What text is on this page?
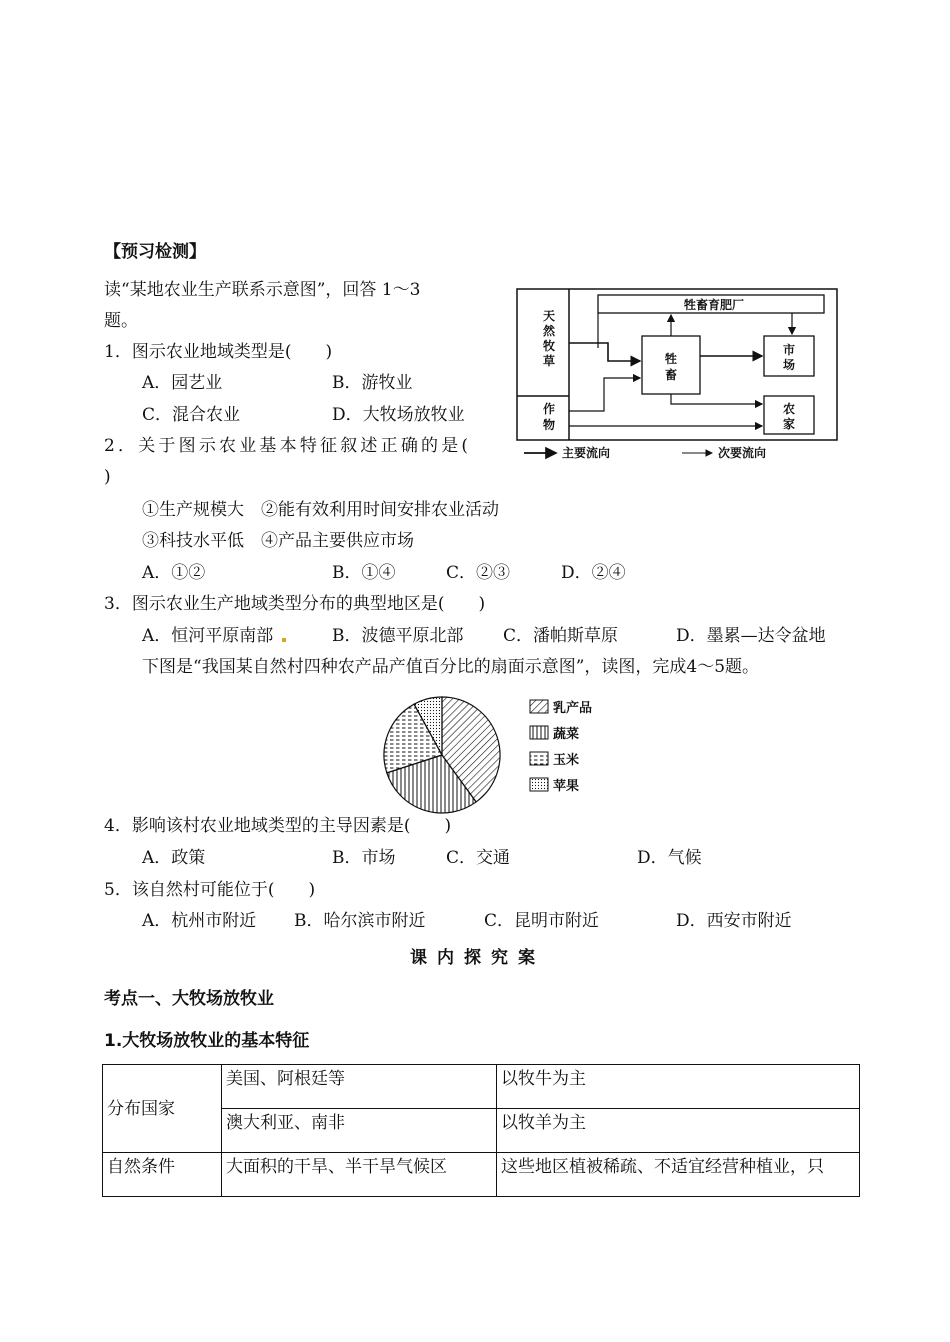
【预习检测】
读“某地农业生产联系示意图”，回答 1～3
题。
1．图示农业地域类型是(　　)
A．园艺业	B．游牧业
C．混合农业	D．大牧场放牧业
2．关于图示农业基本特征叙述正确的是(
)
①生产规模大　②能有效利用时间安排农业活动
③科技水平低　④产品主要供应市场
A．①②	B．①④	C．②③	D．②④
3．图示农业生产地域类型分布的典型地区是(　　)
A．恒河平原南部	B．波德平原北部 C．潘帕斯草原	D．墨累—达令盆地
下图是“我国某自然村四种农产品产值百分比的扇面示意图”，读图，完成4～5题。
天
然
牧
草
作
物
牲畜育肥厂
牲
畜
市
场
农
家
主要流向	次要流向
乳产品
蔬菜
玉米
苹果
4．影响该村农业地域类型的主导因素是(　　)
A．政策	B．市场	C．交通	D．气候
5．该自然村可能位于(　　)
A．杭州市附近 B．哈尔滨市附近	C．昆明市附近	D．西安市附近
课内探究案
考点一、大牧场放牧业
1.大牧场放牧业的基本特征
分布国家	美国、阿根廷等	以牧牛为主
	澳大利亚、南非	以牧羊为主
自然条件	大面积的干旱、半干旱气候区	这些地区植被稀疏、不适宜经营种植业，只
